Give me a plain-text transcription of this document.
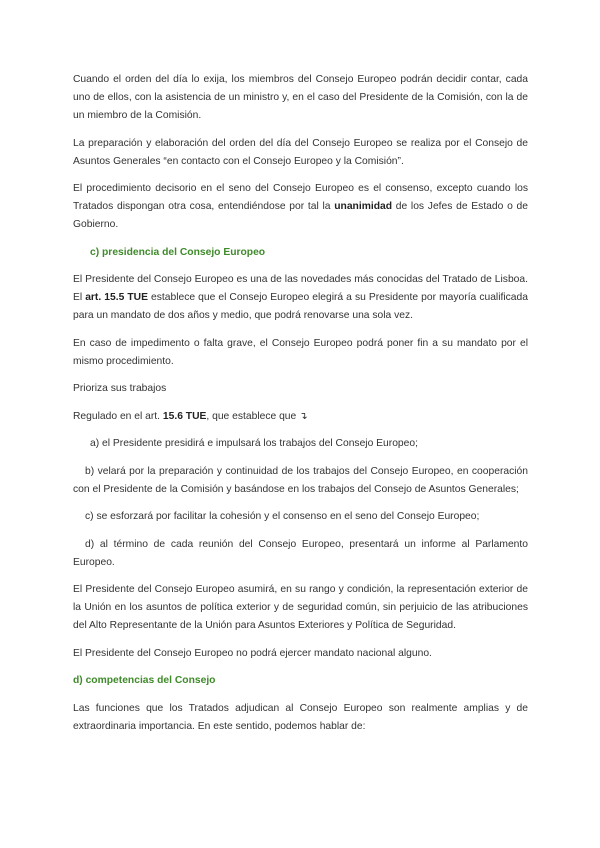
Cuando el orden del día lo exija, los miembros del Consejo Europeo podrán decidir contar, cada uno de ellos, con la asistencia de un ministro y, en el caso del Presidente de la Comisión, con la de un miembro de la Comisión.

La preparación y elaboración del orden del día del Consejo Europeo se realiza por el Consejo de Asuntos Generales “en contacto con el Consejo Europeo y la Comisión”.

El procedimiento decisorio en el seno del Consejo Europeo es el consenso, excepto cuando los Tratados dispongan otra cosa, entendiéndose por tal la unanimidad de los Jefes de Estado o de Gobierno.

c) presidencia del Consejo Europeo

El Presidente del Consejo Europeo es una de las novedades más conocidas del Tratado de Lisboa. El art. 15.5 TUE establece que el Consejo Europeo elegirá a su Presidente por mayoría cualificada para un mandato de dos años y medio, que podrá renovarse una sola vez.

En caso de impedimento o falta grave, el Consejo Europeo podrá poner fin a su mandato por el mismo procedimiento.

Prioriza sus trabajos

Regulado en el art. 15.6 TUE, que establece que ↴

a) el Presidente presidirá e impulsará los trabajos del Consejo Europeo;

b) velará por la preparación y continuidad de los trabajos del Consejo Europeo, en cooperación con el Presidente de la Comisión y basándose en los trabajos del Consejo de Asuntos Generales;

c) se esforzará por facilitar la cohesión y el consenso en el seno del Consejo Europeo;

d) al término de cada reunión del Consejo Europeo, presentará un informe al Parlamento Europeo.

El Presidente del Consejo Europeo asumirá, en su rango y condición, la representación exterior de la Unión en los asuntos de política exterior y de seguridad común, sin perjuicio de las atribuciones del Alto Representante de la Unión para Asuntos Exteriores y Política de Seguridad.

El Presidente del Consejo Europeo no podrá ejercer mandato nacional alguno.

d) competencias del Consejo

Las funciones que los Tratados adjudican al Consejo Europeo son realmente amplias y de extraordinaria importancia. En este sentido, podemos hablar de:
